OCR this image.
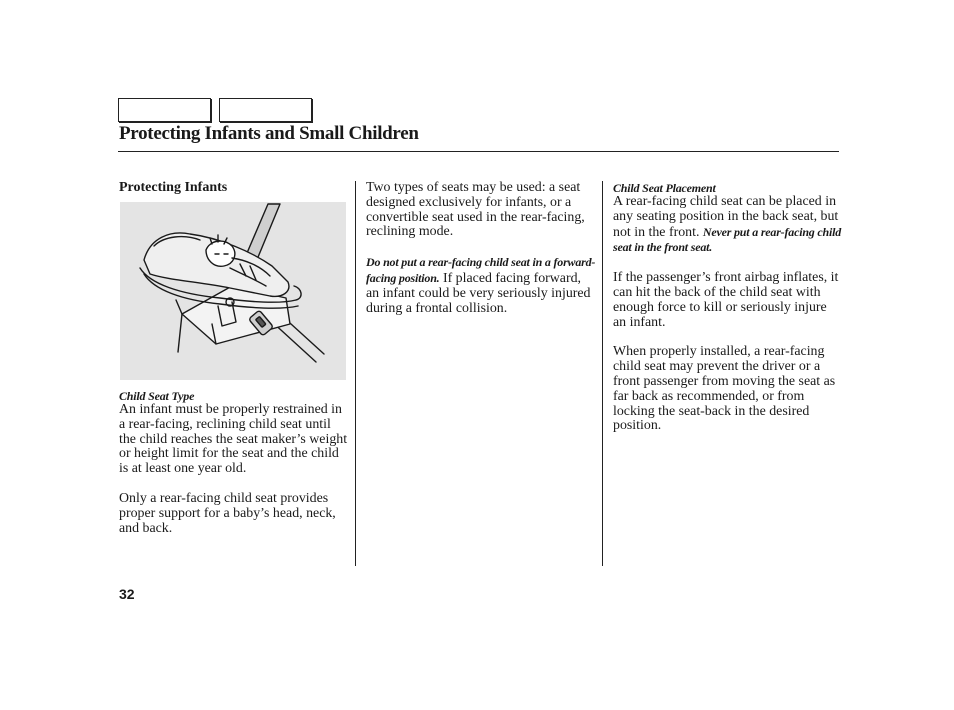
Protecting Infants and Small Children
Protecting Infants
Child Seat Type

An infant must be properly restrained in a rear-facing, reclining child seat until the child reaches the seat maker’s weight or height limit for the seat and the child is at least one year old.

Only a rear-facing child seat provides proper support for a baby’s head, neck, and back.

Two types of seats may be used: a seat designed exclusively for infants, or a convertible seat used in the rear-facing, reclining mode.

Do not put a rear-facing child seat in a forward-facing position. If placed facing forward, an infant could be very seriously injured during a frontal collision.

Child Seat Placement

A rear-facing child seat can be placed in any seating position in the back seat, but not in the front. Never put a rear-facing child seat in the front seat.

If the passenger’s front airbag inflates, it can hit the back of the child seat with enough force to kill or seriously injure an infant.

When properly installed, a rear-facing child seat may prevent the driver or a front passenger from moving the seat as far back as recommended, or from locking the seat-back in the desired position.

32
